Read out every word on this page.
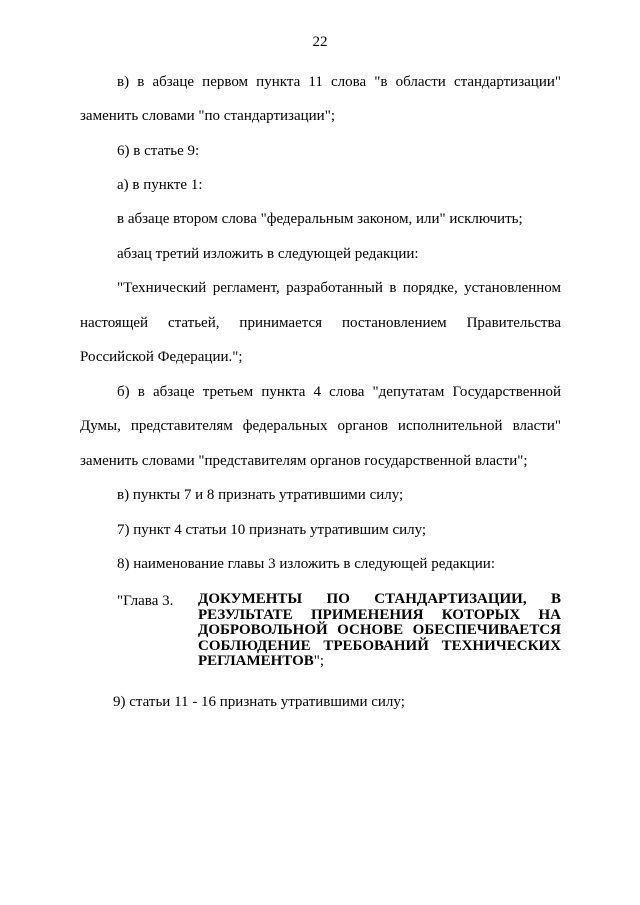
22
в) в абзаце первом пункта 11 слова "в области стандартизации"
заменить словами "по стандартизации";
6) в статье 9:
а) в пункте 1:
в абзаце втором слова "федеральным законом, или" исключить;
абзац третий изложить в следующей редакции:
"Технический регламент, разработанный в порядке, установленном
настоящей статьей, принимается постановлением Правительства
Российской Федерации.";
б) в абзаце третьем пункта 4 слова "депутатам Государственной
Думы, представителям федеральных органов исполнительной власти"
заменить словами "представителям органов государственной власти";
в) пункты 7 и 8 признать утратившими силу;
7) пункт 4 статьи 10 признать утратившим силу;
8) наименование главы 3 изложить в следующей редакции:
"Глава 3. ДОКУМЕНТЫ ПО СТАНДАРТИЗАЦИИ, В РЕЗУЛЬТАТЕ ПРИМЕНЕНИЯ КОТОРЫХ НА ДОБРОВОЛЬНОЙ ОСНОВЕ ОБЕСПЕЧИВАЕТСЯ СОБЛЮДЕНИЕ ТРЕБОВАНИЙ ТЕХНИЧЕСКИХ РЕГЛАМЕНТОВ";
9) статьи 11 - 16 признать утратившими силу;
